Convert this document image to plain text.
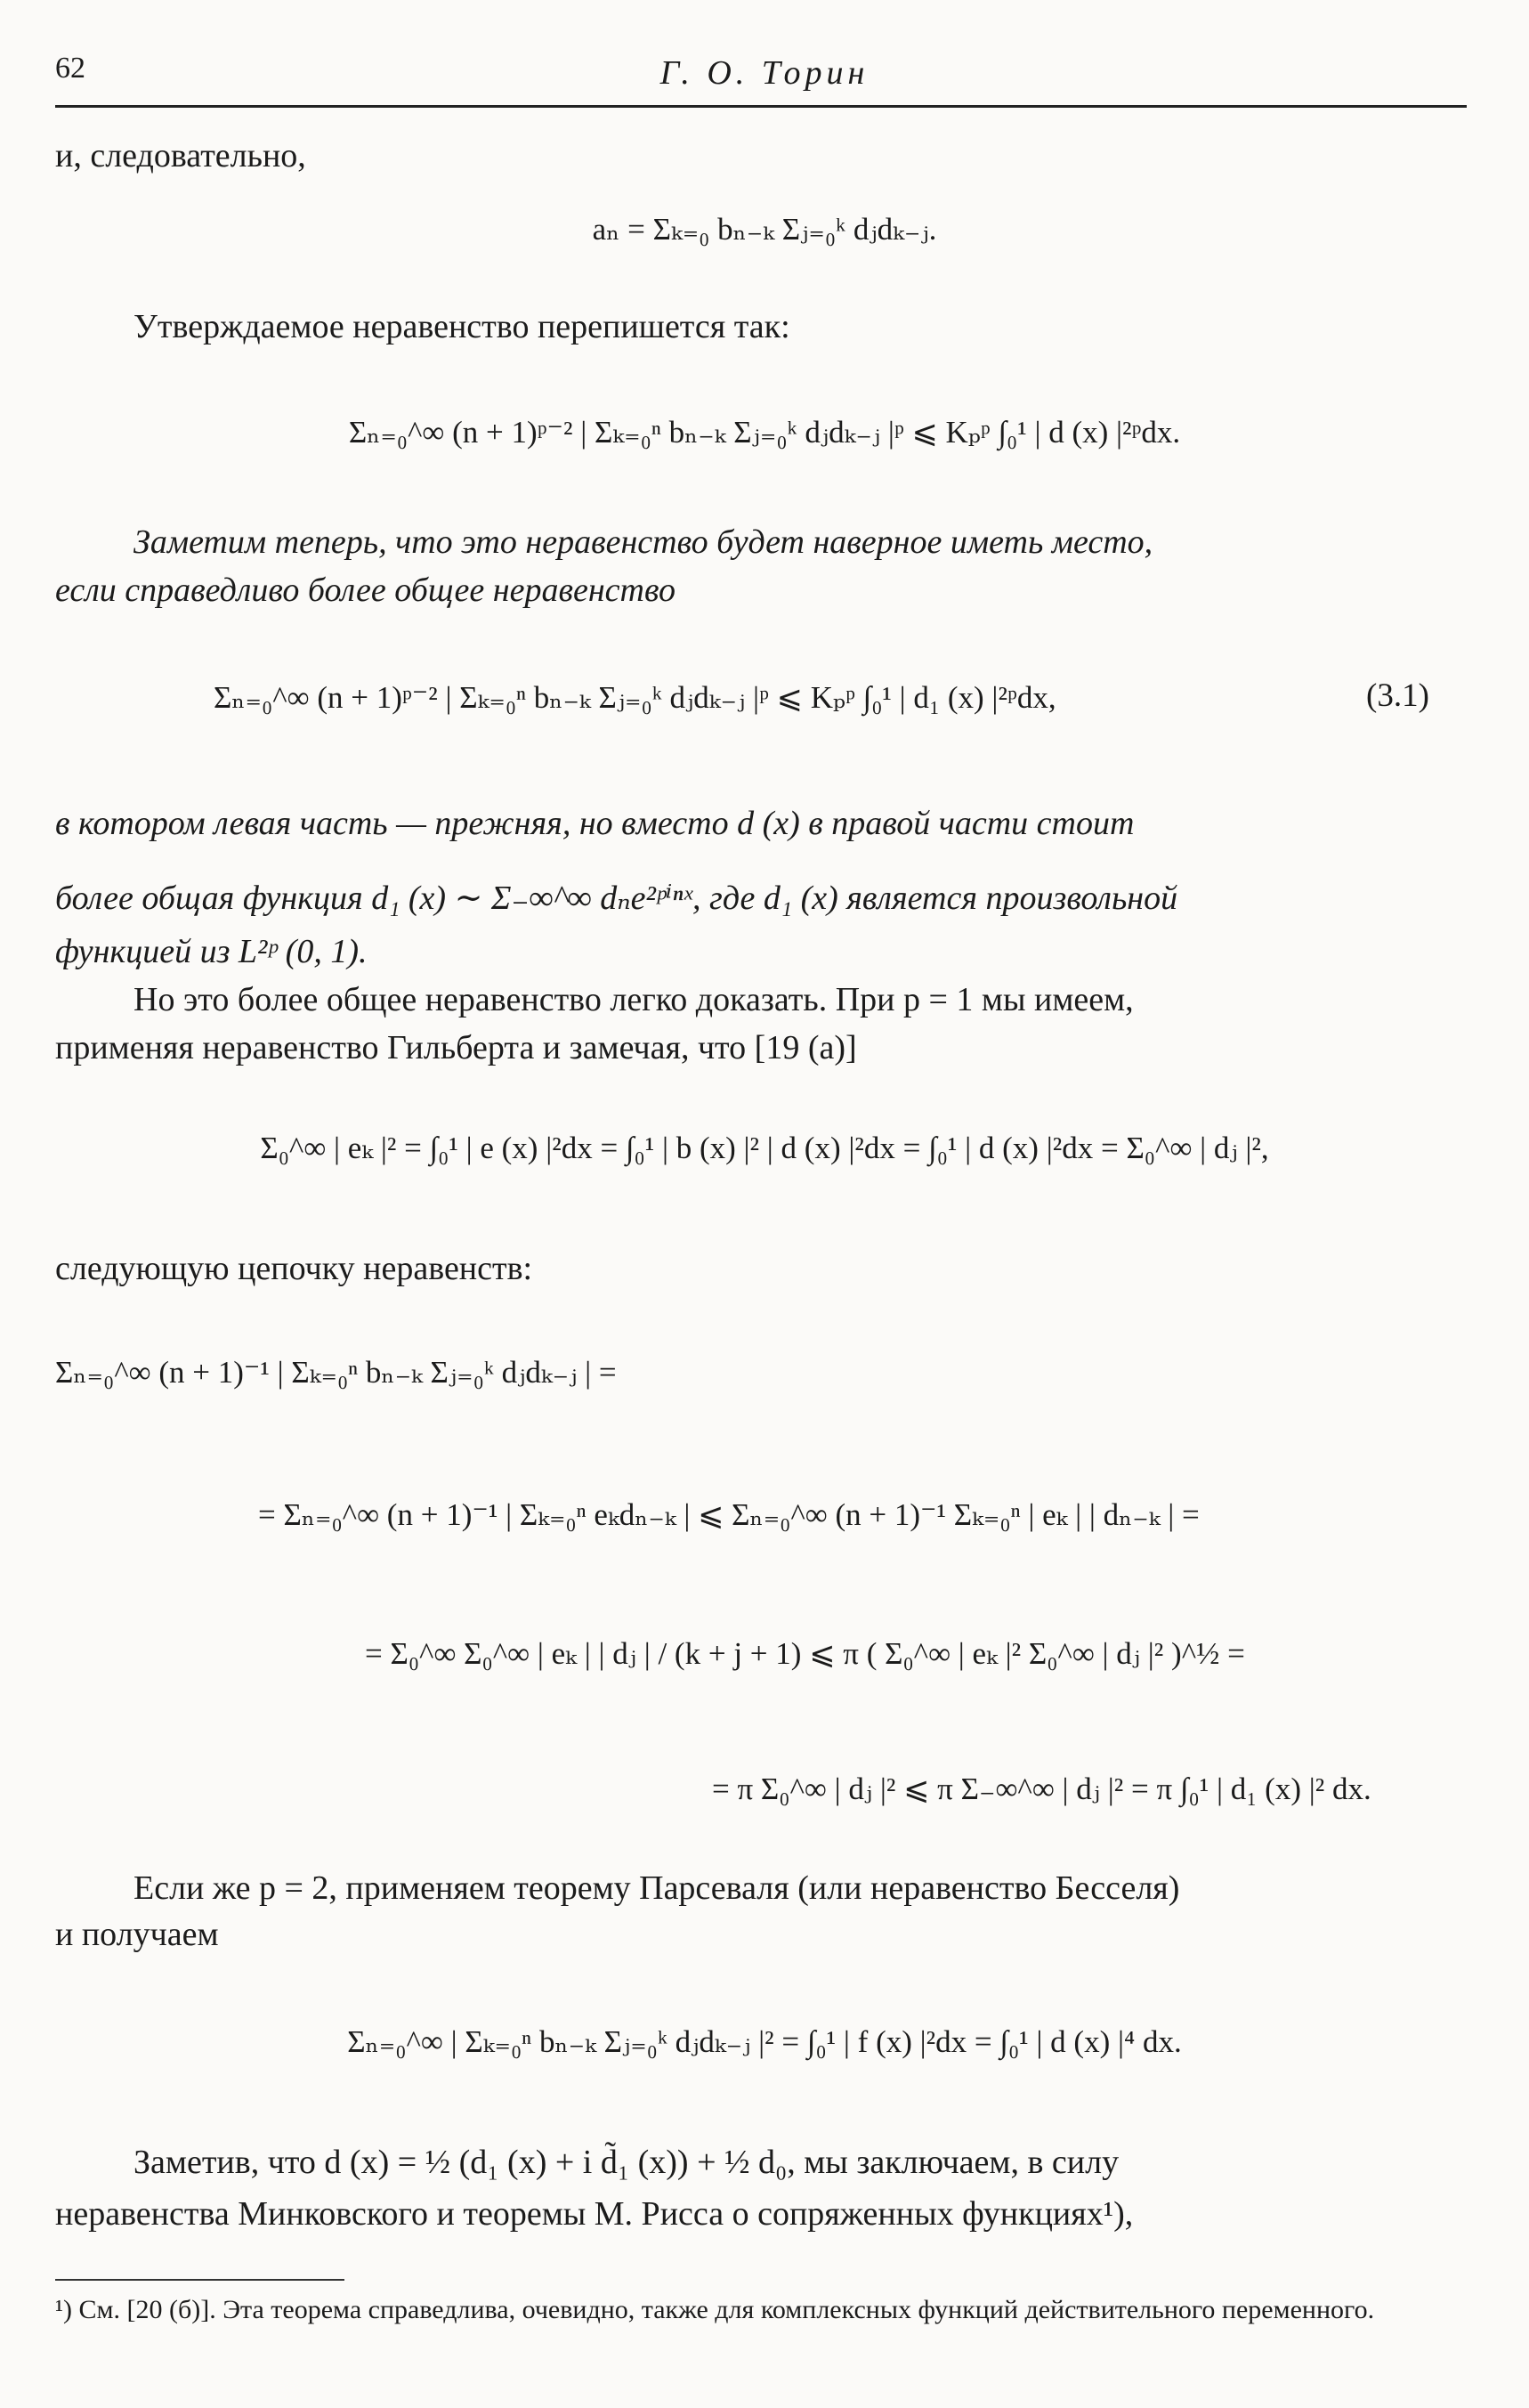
62	Г. О. Торин
и, следовательно,
aₙ = Σₖ₌₀ bₙ₋ₖ Σⱼ₌₀ᵏ dⱼdₖ₋ⱼ.
Утверждаемое неравенство перепишется так:
Σₙ₌₀^∞ (n + 1)ᵖ⁻² | Σₖ₌₀ⁿ bₙ₋ₖ Σⱼ₌₀ᵏ dⱼdₖ₋ⱼ |ᵖ ⩽ Kₚᵖ ∫₀¹ | d (x) |²ᵖdx.
Заметим теперь, что это неравенство будет наверное иметь место,
если справедливо более общее неравенство
Σₙ₌₀^∞ (n + 1)ᵖ⁻² | Σₖ₌₀ⁿ bₙ₋ₖ Σⱼ₌₀ᵏ dⱼdₖ₋ⱼ |ᵖ ⩽ Kₚᵖ ∫₀¹ | d₁ (x) |²ᵖdx,	(3.1)
в котором левая часть — прежняя, но вместо d (x) в правой части стоит
более общая функция d₁ (x) ∼ Σ₋∞^∞ dₙe²ᵖⁱⁿˣ, где d₁ (x) является произвольной
функцией из L²ᵖ (0, 1).
Но это более общее неравенство легко доказать. При p = 1 мы имеем,
применяя неравенство Гильберта и замечая, что [19 (a)]
Σ₀^∞ | eₖ |² = ∫₀¹ | e (x) |²dx = ∫₀¹ | b (x) |² | d (x) |²dx = ∫₀¹ | d (x) |²dx = Σ₀^∞ | dⱼ |²,
следующую цепочку неравенств:
Σₙ₌₀^∞ (n + 1)⁻¹ | Σₖ₌₀ⁿ bₙ₋ₖ Σⱼ₌₀ᵏ dⱼdₖ₋ⱼ | =
= Σₙ₌₀^∞ (n + 1)⁻¹ | Σₖ₌₀ⁿ eₖdₙ₋ₖ | ⩽ Σₙ₌₀^∞ (n + 1)⁻¹ Σₖ₌₀ⁿ | eₖ | | dₙ₋ₖ | =
= Σ₀^∞ Σ₀^∞ | eₖ | | dⱼ | / (k + j + 1) ⩽ π ( Σ₀^∞ | eₖ |² Σ₀^∞ | dⱼ |² )^½ =
= π Σ₀^∞ | dⱼ |² ⩽ π Σ₋∞^∞ | dⱼ |² = π ∫₀¹ | d₁ (x) |² dx.
Если же p = 2, применяем теорему Парсеваля (или неравенство Бесселя)
и получаем
Σₙ₌₀^∞ | Σₖ₌₀ⁿ bₙ₋ₖ Σⱼ₌₀ᵏ dⱼdₖ₋ⱼ |² = ∫₀¹ | f (x) |²dx = ∫₀¹ | d (x) |⁴ dx.
Заметив, что d (x) = ½ (d₁ (x) + i d̃₁ (x)) + ½ d₀, мы заключаем, в силу
неравенства Минковского и теоремы М. Рисса о сопряженных функциях¹),
¹) См. [20 (б)]. Эта теорема справедлива, очевидно, также для комплексных функций действительного переменного.
